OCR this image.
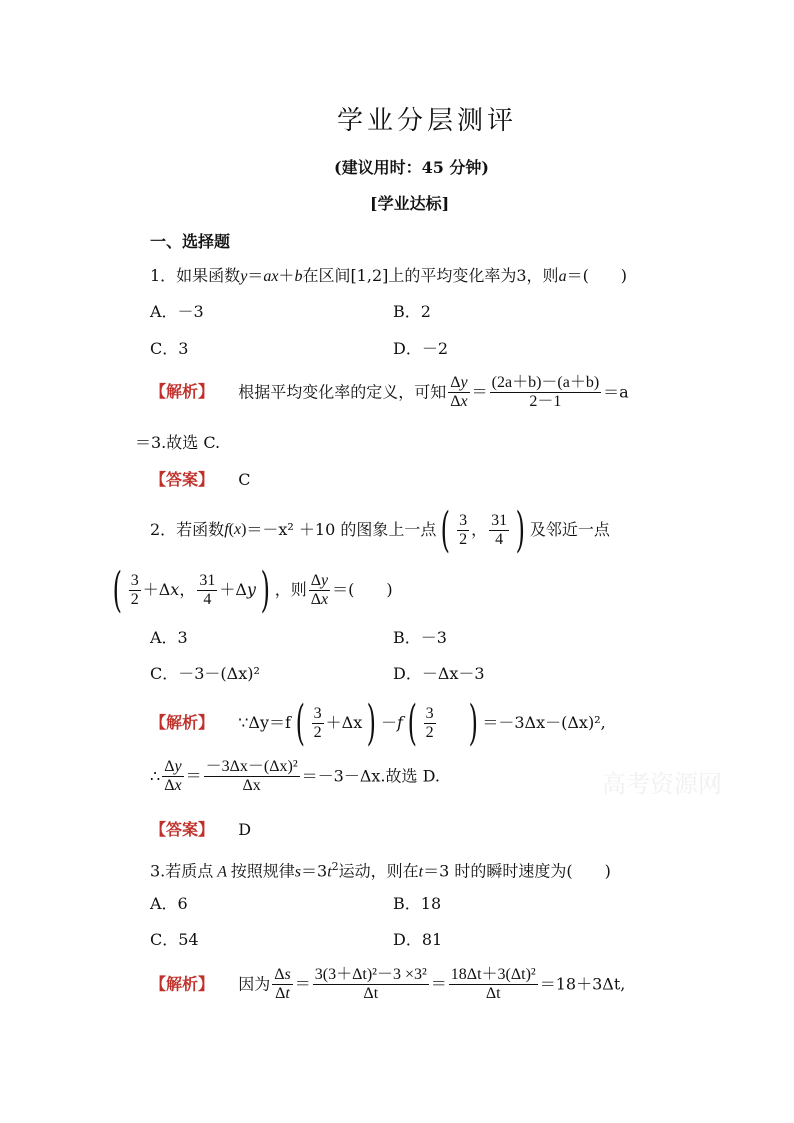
学业分层测评
(建议用时：45 分钟)
[学业达标]
一、选择题
1．如果函数y＝ax＋b在区间[1,2]上的平均变化率为3，则a＝(　　)
A．－3	B．2
C．3	D．－2
【解析】 根据平均变化率的定义，可知 $\frac{\Delta y}{\Delta x} = \frac{(2a+b)-(a+b)}{2-1} =a$
＝3.故选 C.
【答案】 C
2．若函数f(x)＝－x² ＋10 的图象上一点( $\frac{3}{2}$ ， $\frac{31}{4}$ ) 及邻近一点
( $\frac{3}{2} +\Delta x$， $\frac{31}{4} +\Delta y$) ，则 $\frac{\Delta y}{\Delta x}$ ＝(　　)
A．3	B．－3
C．－3－(Δx)²	D．－Δx－3
【解析】 ∵Δy＝f( $\frac{3}{2} +\Delta x) -f( \frac{3}{2}$ ) ＝－3Δx－(Δx)²,
∴ $\frac{\Delta y}{\Delta x} = \frac{\text{－3Δx－(Δx)²}}{\Delta x} =-3-\Delta x$.故选 D.
【答案】 D
高考资源网
3.若质点 A 按照规律$s=3t^2$运动，则在t＝3 时的瞬时速度为(　　)
A．6	B．18
C．54	D．81
【解析】 因为 $\frac{\Delta s}{\Delta t} = \frac{\text{3(3＋Δt)²－3 ×3²}}{\Delta t} = \frac{\text{18Δt＋3(Δt)²}}{\Delta t} =18+3\Delta t$,
